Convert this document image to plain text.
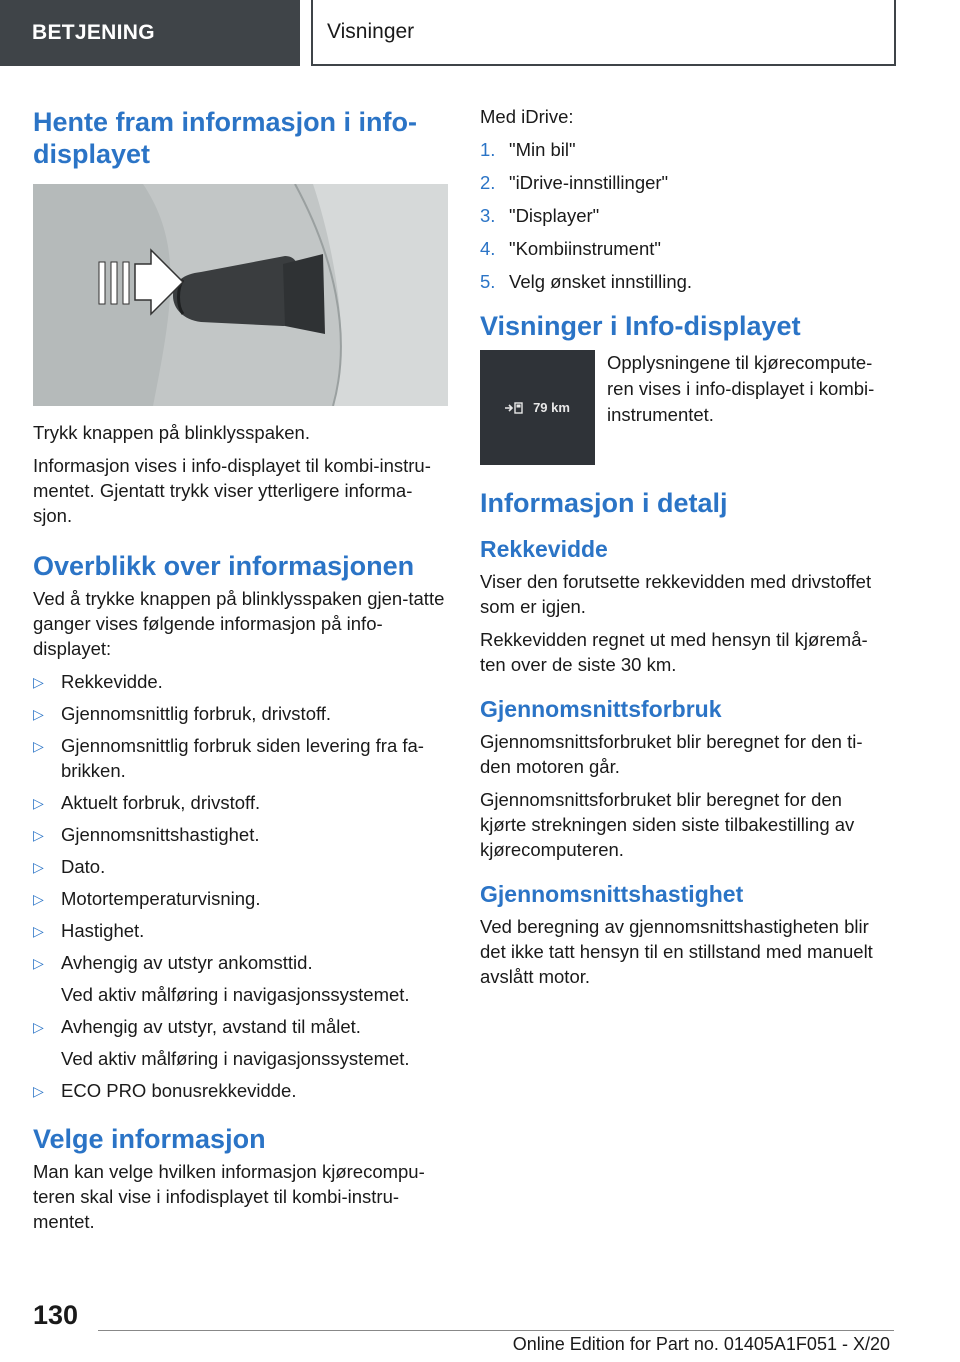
BETJENING	Visninger
Hente fram informasjon i info-displayet

Trykk knappen på blinklysspaken.

Informasjon vises i info-displayet til kombi-instru-mentet. Gjentatt trykk viser ytterligere informa-sjon.

Overblikk over informasjonen

Ved å trykke knappen på blinklysspaken gjen-tatte ganger vises følgende informasjon på info-displayet:

▷ Rekkevidde.
▷ Gjennomsnittlig forbruk, drivstoff.
▷ Gjennomsnittlig forbruk siden levering fra fa-brikken.
▷ Aktuelt forbruk, drivstoff.
▷ Gjennomsnittshastighet.
▷ Dato.
▷ Motortemperaturvisning.
▷ Hastighet.
▷ Avhengig av utstyr ankomsttid.
Ved aktiv målføring i navigasjonssystemet.
▷ Avhengig av utstyr, avstand til målet.
Ved aktiv målføring i navigasjonssystemet.
▷ ECO PRO bonusrekkevidde.
Velge informasjon

Man kan velge hvilken informasjon kjørecompu-teren skal vise i infodisplayet til kombi-instru-mentet.

Med iDrive:

1. "Min bil"
2. "iDrive-innstillinger"
3. "Displayer"
4. "Kombiinstrument"
5. Velg ønsket innstilling.
Visninger i Info-displayet
79 km

Opplysningene til kjørecompute-ren vises i info-displayet i kombi-instrumentet.

Informasjon i detalj
Rekkevidde

Viser den forutsette rekkevidden med drivstoffet som er igjen.

Rekkevidden regnet ut med hensyn til kjøremå-ten over de siste 30 km.

Gjennomsnittsforbruk

Gjennomsnittsforbruket blir beregnet for den ti-den motoren går.

Gjennomsnittsforbruket blir beregnet for den kjørte strekningen siden siste tilbakestilling av kjørecomputeren.

Gjennomsnittshastighet

Ved beregning av gjennomsnittshastigheten blir det ikke tatt hensyn til en stillstand med manuelt avslått motor.

130
Online Edition for Part no. 01405A1F051 - X/20
